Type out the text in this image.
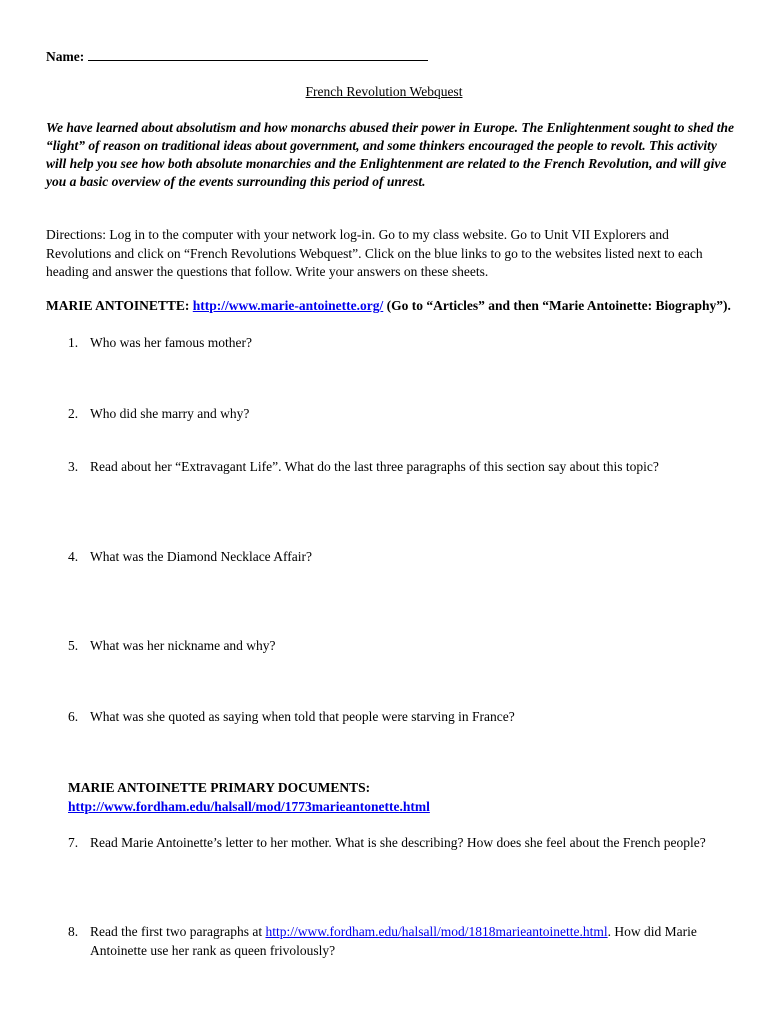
Name:
French Revolution Webquest
We have learned about absolutism and how monarchs abused their power in Europe. The Enlightenment sought to shed the “light” of reason on traditional ideas about government, and some thinkers encouraged the people to revolt. This activity will help you see how both absolute monarchies and the Enlightenment are related to the French Revolution, and will give you a basic overview of the events surrounding this period of unrest.
Directions: Log in to the computer with your network log-in. Go to my class website. Go to Unit VII Explorers and Revolutions and click on “French Revolutions Webquest”. Click on the blue links to go to the websites listed next to each heading and answer the questions that follow. Write your answers on these sheets.
MARIE ANTOINETTE: http://www.marie-antoinette.org/ (Go to “Articles” and then “Marie Antoinette: Biography”).
1. Who was her famous mother?
2. Who did she marry and why?
3. Read about her “Extravagant Life”. What do the last three paragraphs of this section say about this topic?
4. What was the Diamond Necklace Affair?
5. What was her nickname and why?
6. What was she quoted as saying when told that people were starving in France?
MARIE ANTOINETTE PRIMARY DOCUMENTS:
http://www.fordham.edu/halsall/mod/1773marieantonette.html
7. Read Marie Antoinette’s letter to her mother. What is she describing? How does she feel about the French people?
8. Read the first two paragraphs at http://www.fordham.edu/halsall/mod/1818marieantoinette.html. How did Marie Antoinette use her rank as queen frivolously?
